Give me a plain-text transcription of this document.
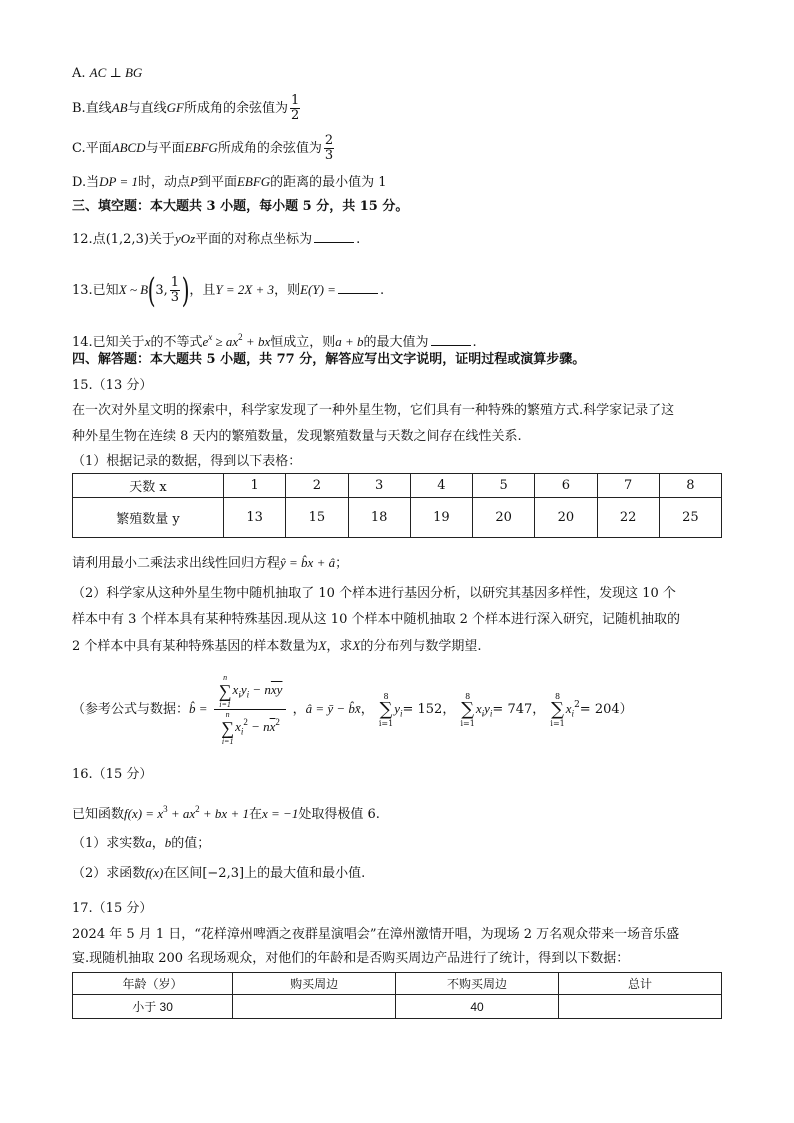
A. AC ⊥ BG
B.直线AB与直线GF所成角的余弦值为 $\frac{1}{2}$
C.平面ABCD与平面EBFG所成角的余弦值为 $\frac{2}{3}$
D.当DP = 1时，动点P到平面EBFG的距离的最小值为 1
三、填空题：本大题共 3 小题，每小题 5 分，共 15 分。
12.点(1,2,3)关于yOz平面的对称点坐标为	.
13.已知X ~ B(3, $\frac{1}{3}$ )，且Y = 2X + 3，则E(Y) =	.
14.已知关于x的不等式$e^x \ge ax^2$ + bx恒成立，则a + b的最大值为	.
四、解答题：本大题共 5 小题，共 77 分，解答应写出文字说明，证明过程或演算步骤。
15.（13 分）
在一次对外星文明的探索中，科学家发现了一种外星生物，它们具有一种特殊的繁殖方式.科学家记录了这
种外星生物在连续 8 天内的繁殖数量，发现繁殖数量与天数之间存在线性关系.
（1）根据记录的数据，得到以下表格：
天数 x	1	2	3	4	5	6	7	8
繁殖数量 y	13	15	18	19	20	20	22	25
请利用最小二乘法求出线性回归方程ŷ = b̂x + â；
（2）科学家从这种外星生物中随机抽取了 10 个样本进行基因分析，以研究其基因多样性，发现这 10 个
样本中有 3 个样本具有某种特殊基因.现从这 10 个样本中随机抽取 2 个样本进行深入研究，记随机抽取的
2 个样本中具有某种特殊基因的样本数量为X，求X的分布列与数学期望.
（参考公式与数据：b̂ = n
∑
i=1
$x_iy_i - n\overline{xy}$
n
∑
i=1
$x_i^2 - n\overline{x}^2$ ，â = ȳ − b̂x̄，
8
∑
i=1
$y_i= 152$，
8
∑
i=1
$x_iy_i= 747$，
8
∑
i=1
$x_i^2= 204$）
16.（15 分）
已知函数$f(x) = x^3 + ax^2$ + bx + 1在x = −1处取得极值 6.
（1）求实数a，b的值；
（2）求函数f(x)在区间[−2,3]上的最大值和最小值.
17.（15 分）
2024 年 5 月 1 日，“花样漳州啤酒之夜群星演唱会”在漳州激情开唱，为现场 2 万名观众带来一场音乐盛
宴.现随机抽取 200 名现场观众，对他们的年龄和是否购买周边产品进行了统计，得到以下数据：
年龄（岁）	购买周边	不购买周边	总计
小于 30		40	
